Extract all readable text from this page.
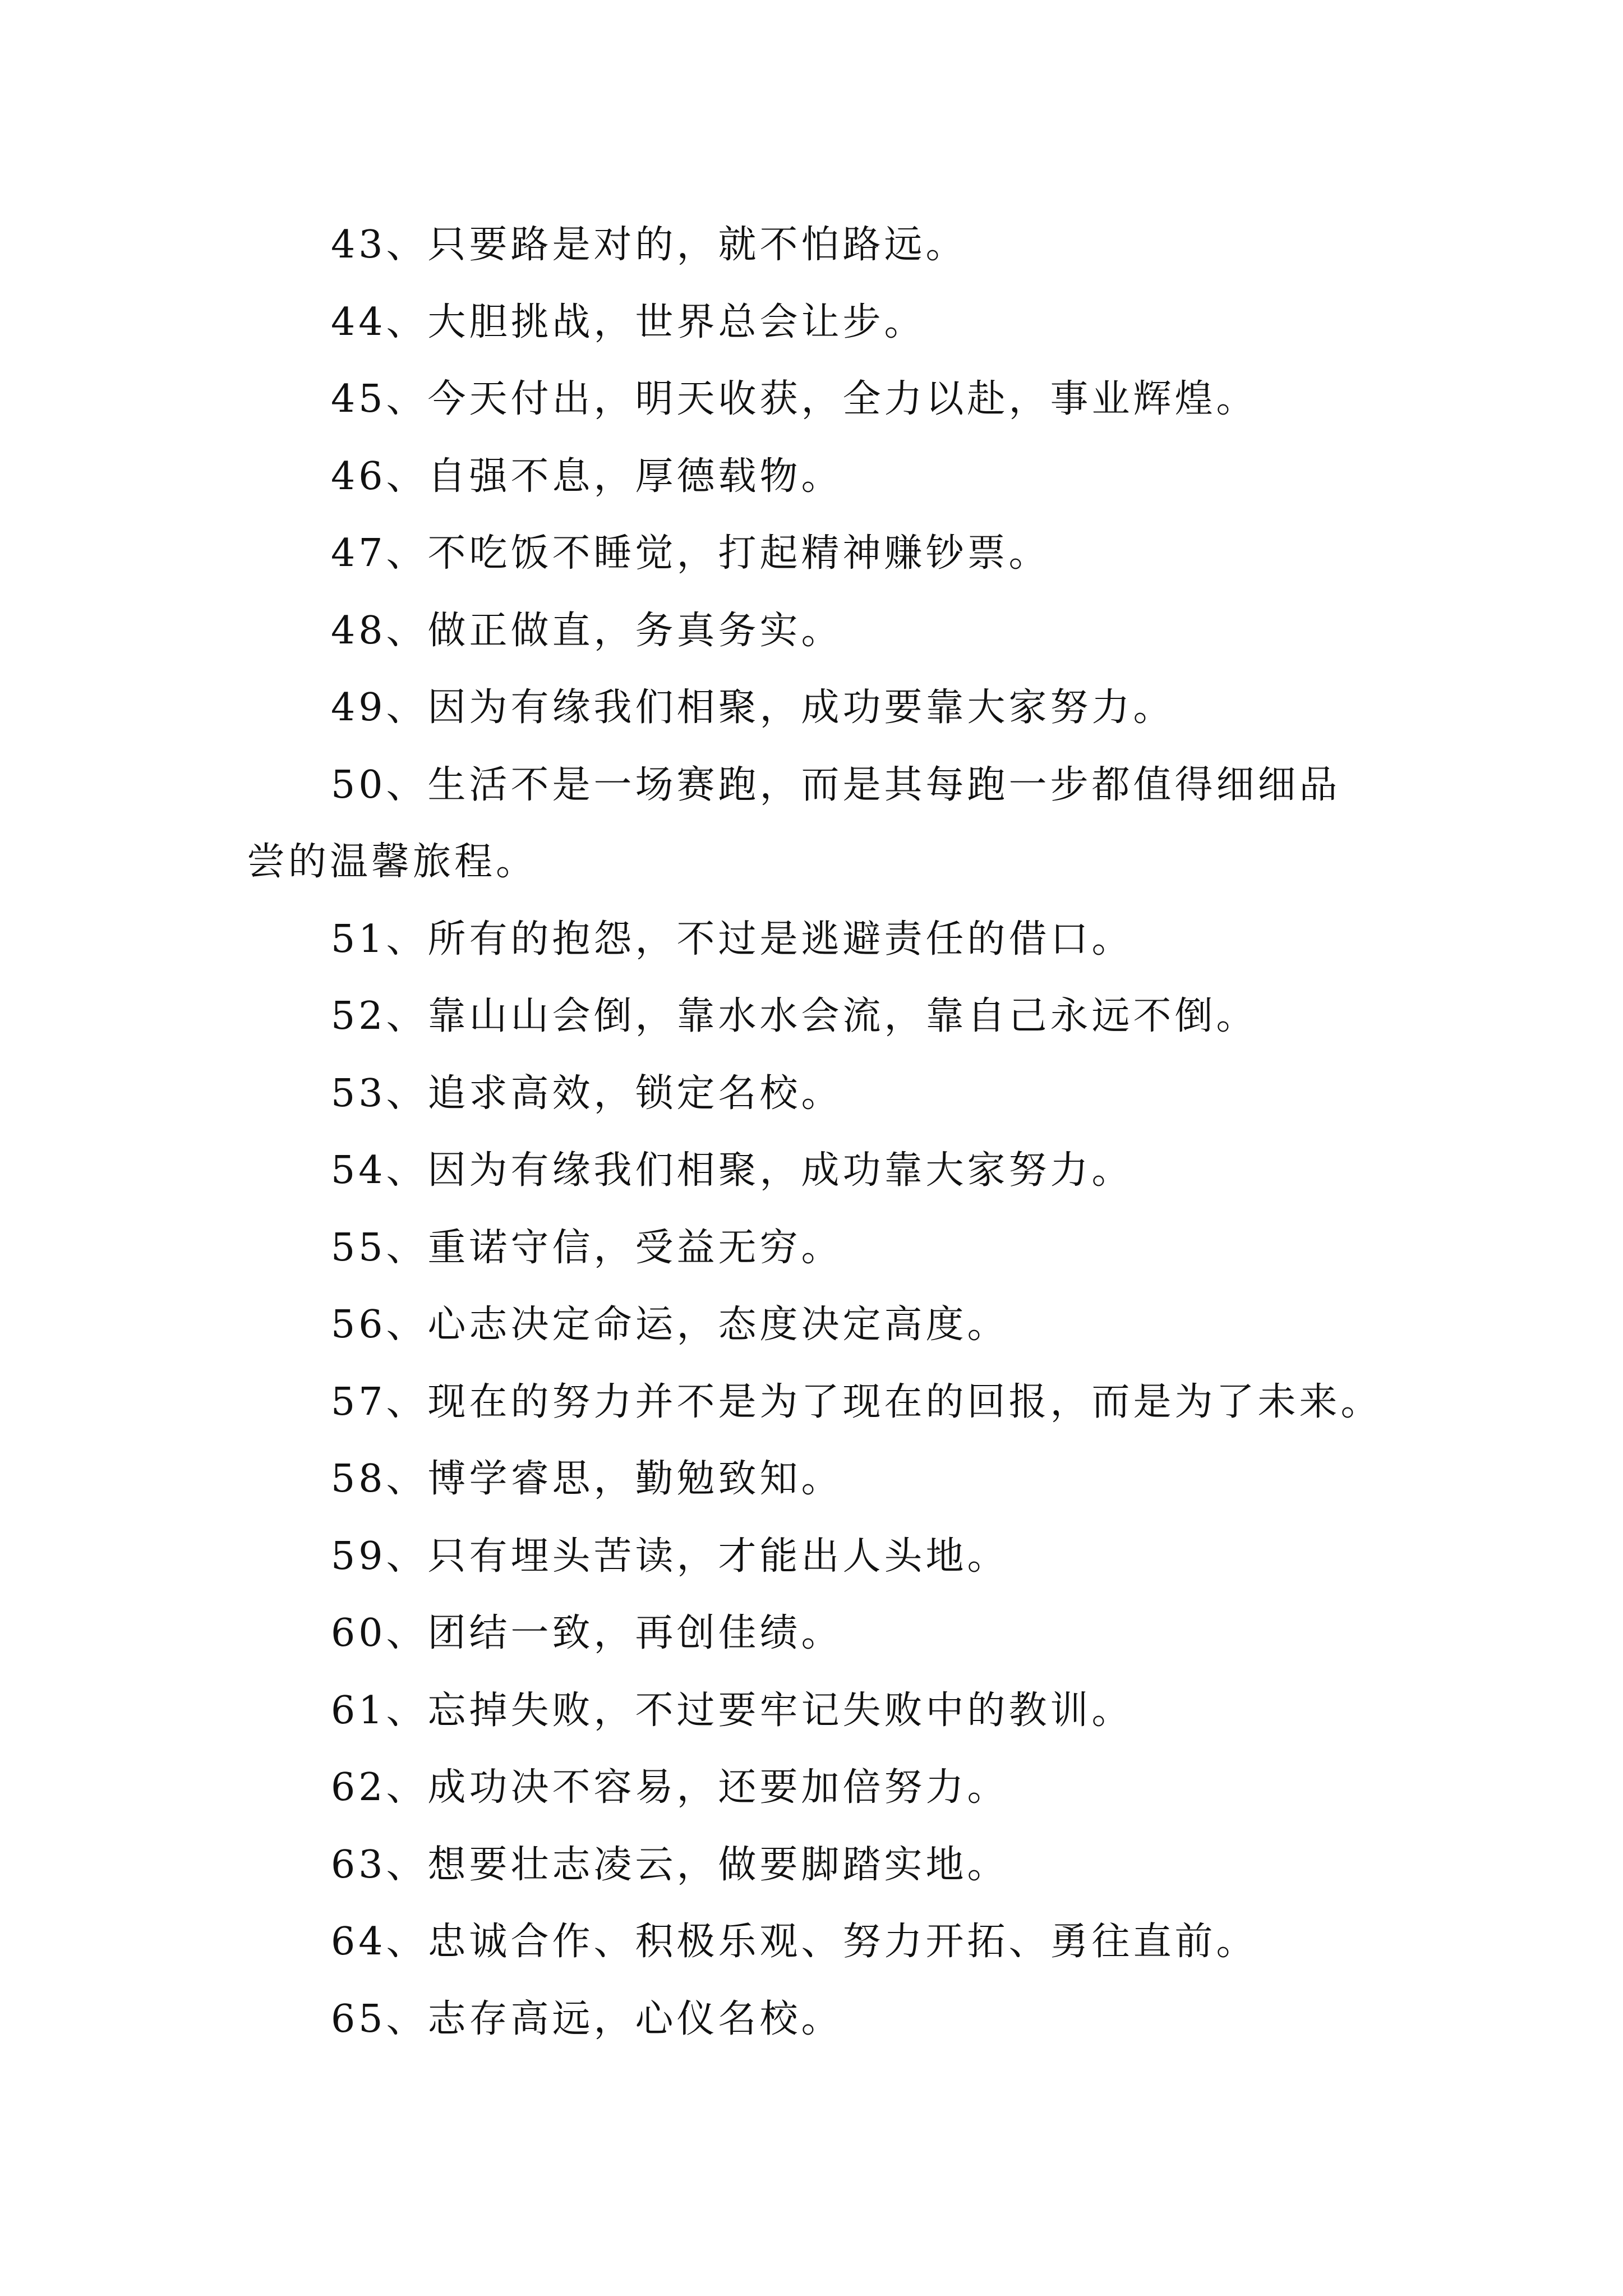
43、只要路是对的，就不怕路远。
44、大胆挑战，世界总会让步。
45、今天付出，明天收获，全力以赴，事业辉煌。
46、自强不息，厚德载物。
47、不吃饭不睡觉，打起精神赚钞票。
48、做正做直，务真务实。
49、因为有缘我们相聚，成功要靠大家努力。
50、生活不是一场赛跑，而是其每跑一步都值得细细品
尝的温馨旅程。
51、所有的抱怨，不过是逃避责任的借口。
52、靠山山会倒，靠水水会流，靠自己永远不倒。
53、追求高效，锁定名校。
54、因为有缘我们相聚，成功靠大家努力。
55、重诺守信，受益无穷。
56、心志决定命运，态度决定高度。
57、现在的努力并不是为了现在的回报，而是为了未来。
58、博学睿思，勤勉致知。
59、只有埋头苦读，才能出人头地。
60、团结一致，再创佳绩。
61、忘掉失败，不过要牢记失败中的教训。
62、成功决不容易，还要加倍努力。
63、想要壮志凌云，做要脚踏实地。
64、忠诚合作、积极乐观、努力开拓、勇往直前。
65、志存高远，心仪名校。
